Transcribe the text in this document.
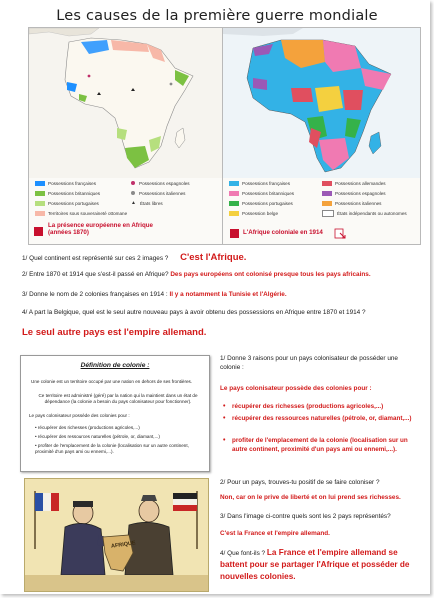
Les causes de la première guerre mondiale
Possessions françaises	Possessions espagnoles
Possessions britanniques	Possessions italiennes
Possessions portugaises	▲ États libres
Territoires sous souveraineté ottomane
La présence européenne en Afrique (années 1870)
Possessions françaises	Possessions allemandes
Possessions britanniques	Possessions espagnoles
Possessions portugaises	Possessions italiennes
Possession belge	États indépendants ou autonomes
L'Afrique coloniale en 1914
1/ Quel continent est représenté sur ces 2 images ? C'est l'Afrique.
2/ Entre 1870 et 1914 que s'est-il passé en Afrique? Des pays européens ont colonisé presque tous les pays africains.
3/ Donne le nom de 2 colonies françaises en 1914 : Il y a notamment la Tunisie et l'Algérie.
4/ A part la Belgique, quel est le seul autre nouveau pays à avoir obtenu des possessions en Afrique entre 1870 et 1914 ?
Le seul autre pays est l'empire allemand.
Définition de colonie :
Une colonie est un territoire occupé par une nation en dehors de ses frontières.
Ce territoire est administré (géré) par la nation qui la maintient dans un état de dépendance (la colonie a besoin du pays colonisateur pour fonctionner).
Le pays colonisateur possède des colonies pour :
• récupérer des richesses (productions agricoles,...)
• récupérer des ressources naturelles (pétrole, or, diamant,...)
• profiter de l'emplacement de la colonie (localisation sur un autre continent, proximité d'un pays ami ou ennemi,...).
AFRIQUE
1/ Donne 3 raisons pour un pays colonisateur de posséder une colonie :
Le pays colonisateur possède des colonies pour :
• récupérer des richesses (productions agricoles,...)
• récupérer des ressources naturelles (pétrole, or, diamant,...)
• profiter de l'emplacement de la colonie (localisation sur un autre continent, proximité d'un pays ami ou ennemi,...).
2/ Pour un pays, trouves-tu positif de se faire coloniser ?
Non, car on le prive de liberté et on lui prend ses richesses.
3/ Dans l'image ci-contre quels sont les 2 pays représentés?
C'est la France et l'empire allemand.
4/ Que font-ils ? La France et l'empire allemand se battent pour se partager l'Afrique et posséder de nouvelles colonies.
